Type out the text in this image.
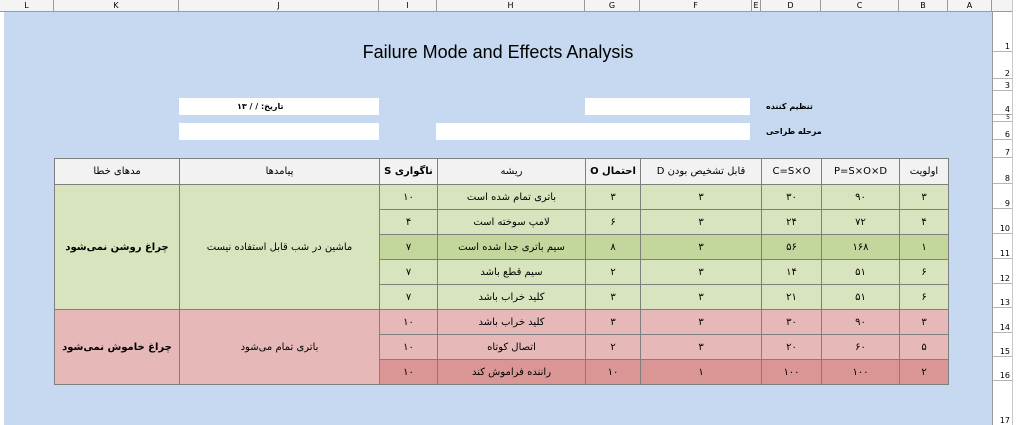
L	K	J	I	H	G	F	E	D	C	B	A
Failure Mode and Effects Analysis
تاریخ: / / ۱۳	تنظیم کننده
مرحله طراحی
مدهای خطا	پیامدها	ناگواری S	ریشه	احتمال O	قابل تشخیص بودن D	C=S×O	P=S×O×D	اولویت
چراغ روشن نمی‌شود	ماشین در شب قابل استفاده نیست	۱۰	باتری تمام شده است	۳	۳	۳۰	۹۰	۳
		۴	لامپ سوخته است	۶	۳	۲۴	۷۲	۴
		۷	سیم باتری جدا شده است	۸	۳	۵۶	۱۶۸	۱
		۷	سیم قطع باشد	۲	۳	۱۴	۵۱	۶
		۷	کلید خراب باشد	۳	۳	۲۱	۵۱	۶
چراغ خاموش نمی‌شود	باتری تمام می‌شود	۱۰	کلید خراب باشد	۳	۳	۳۰	۹۰	۳
		۱۰	اتصال کوتاه	۲	۳	۲۰	۶۰	۵
		۱۰	راننده فراموش کند	۱۰	۱	۱۰۰	۱۰۰	۲
1
2
3
4
5
6
7
8
9
10
11
12
13
14
15
16
17
